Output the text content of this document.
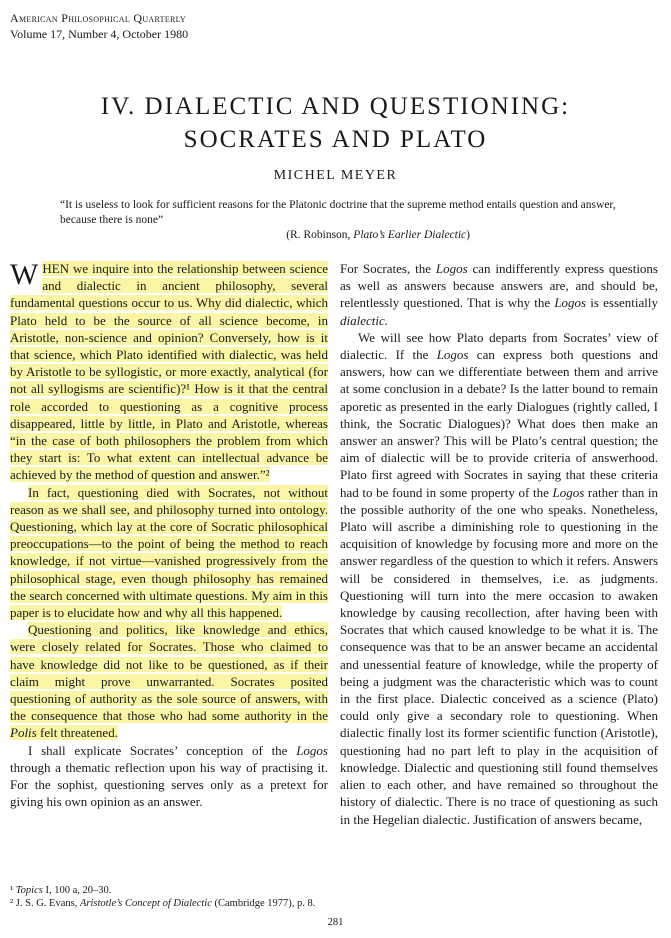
American Philosophical Quarterly
Volume 17, Number 4, October 1980
IV. DIALECTIC AND QUESTIONING:
SOCRATES AND PLATO
MICHEL MEYER
“It is useless to look for sufficient reasons for the Platonic doctrine that the supreme method entails question and answer, because there is none”
(R. Robinson, Plato’s Earlier Dialectic)

WHEN we inquire into the relationship between science and dialectic in ancient philosophy, several fundamental questions occur to us. Why did dialectic, which Plato held to be the source of all science become, in Aristotle, non-science and opinion? Conversely, how is it that science, which Plato identified with dialectic, was held by Aristotle to be syllogistic, or more exactly, analytical (for not all syllogisms are scientific)?¹ How is it that the central role accorded to questioning as a cognitive process disappeared, little by little, in Plato and Aristotle, whereas “in the case of both philosophers the problem from which they start is: To what extent can intellectual advance be achieved by the method of question and answer.”²

In fact, questioning died with Socrates, not without reason as we shall see, and philosophy turned into ontology. Questioning, which lay at the core of Socratic philosophical preoccupations—to the point of being the method to reach knowledge, if not virtue—vanished progressively from the philosophical stage, even though philosophy has remained the search concerned with ultimate questions. My aim in this paper is to elucidate how and why all this happened.

Questioning and politics, like knowledge and ethics, were closely related for Socrates. Those who claimed to have knowledge did not like to be questioned, as if their claim might prove unwarranted. Socrates posited questioning of authority as the sole source of answers, with the consequence that those who had some authority in the Polis felt threatened.

I shall explicate Socrates’ conception of the Logos through a thematic reflection upon his way of practising it. For the sophist, questioning serves only as a pretext for giving his own opinion as an answer.

For Socrates, the Logos can indifferently express questions as well as answers because answers are, and should be, relentlessly questioned. That is why the Logos is essentially dialectic.

We will see how Plato departs from Socrates’ view of dialectic. If the Logos can express both questions and answers, how can we differentiate between them and arrive at some conclusion in a debate? Is the latter bound to remain aporetic as presented in the early Dialogues (rightly called, I think, the Socratic Dialogues)? What does then make an answer an answer? This will be Plato’s central question; the aim of dialectic will be to provide criteria of answerhood. Plato first agreed with Socrates in saying that these criteria had to be found in some property of the Logos rather than in the possible authority of the one who speaks. Nonetheless, Plato will ascribe a diminishing role to questioning in the acquisition of knowledge by focusing more and more on the answer regardless of the question to which it refers. Answers will be considered in themselves, i.e. as judgments. Questioning will turn into the mere occasion to awaken knowledge by causing recollection, after having been with Socrates that which caused knowledge to be what it is. The consequence was that to be an answer became an accidental and unessential feature of knowledge, while the property of being a judgment was the characteristic which was to count in the first place. Dialectic conceived as a science (Plato) could only give a secondary role to questioning. When dialectic finally lost its former scientific function (Aristotle), questioning had no part left to play in the acquisition of knowledge. Dialectic and questioning still found themselves alien to each other, and have remained so throughout the history of dialectic. There is no trace of questioning as such in the Hegelian dialectic. Justification of answers became,

¹ Topics I, 100 a, 20–30.
² J. S. G. Evans, Aristotle’s Concept of Dialectic (Cambridge 1977), p. 8.
281
